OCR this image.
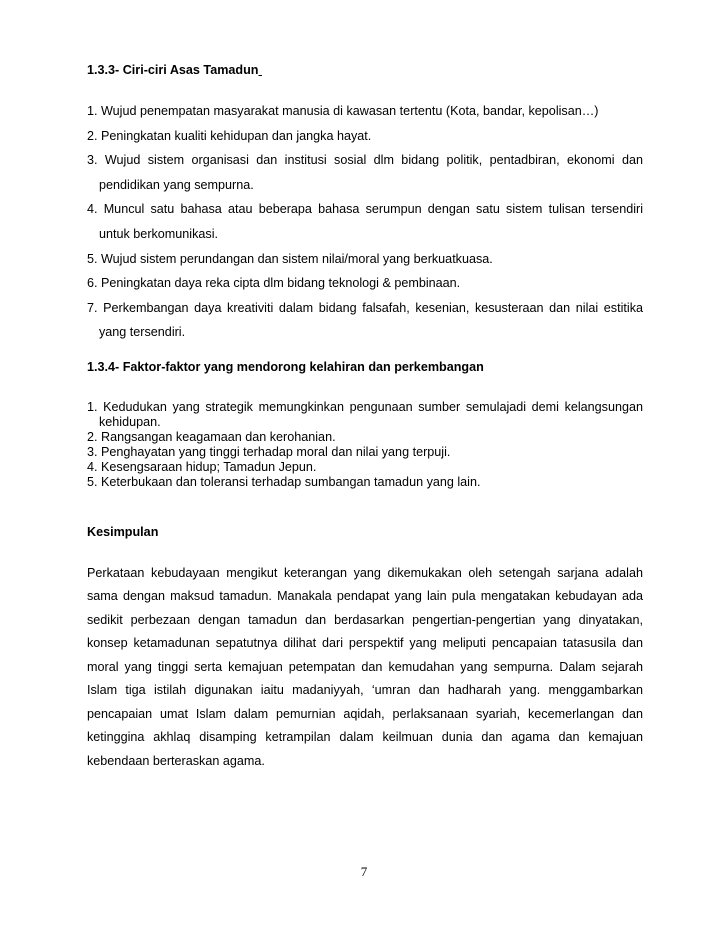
1.3.3- Ciri-ciri Asas Tamadun

1. Wujud penempatan masyarakat manusia di kawasan tertentu (Kota, bandar, kepolisan…)
2. Peningkatan kualiti kehidupan dan jangka hayat.
3. Wujud sistem organisasi dan institusi sosial dlm bidang politik, pentadbiran, ekonomi dan pendidikan yang sempurna.
4. Muncul satu bahasa atau beberapa bahasa serumpun dengan satu sistem tulisan tersendiri untuk berkomunikasi.
5. Wujud sistem perundangan dan sistem nilai/moral yang berkuatkuasa.
6. Peningkatan daya reka cipta dlm bidang teknologi & pembinaan.
7. Perkembangan daya kreativiti dalam bidang falsafah, kesenian, kesusteraan dan nilai estitika yang tersendiri.

1.3.4- Faktor-faktor yang mendorong kelahiran dan perkembangan

1. Kedudukan yang strategik memungkinkan pengunaan sumber semulajadi demi kelangsungan kehidupan.
2. Rangsangan keagamaan dan kerohanian.
3. Penghayatan yang tinggi terhadap moral dan nilai yang terpuji.
4. Kesengsaraan hidup; Tamadun Jepun.
5. Keterbukaan dan toleransi terhadap sumbangan tamadun yang lain.

Kesimpulan

Perkataan kebudayaan mengikut keterangan yang dikemukakan oleh setengah sarjana adalah sama dengan maksud tamadun. Manakala pendapat yang lain pula mengatakan kebudayan ada sedikit perbezaan dengan tamadun dan berdasarkan pengertian-pengertian yang dinyatakan, konsep ketamadunan sepatutnya dilihat dari perspektif yang meliputi pencapaian tatasusila dan moral yang tinggi serta kemajuan petempatan dan kemudahan yang sempurna. Dalam sejarah Islam tiga istilah digunakan iaitu madaniyyah, ‘umran dan hadharah yang. menggambarkan pencapaian umat Islam dalam pemurnian aqidah, perlaksanaan syariah, kecemerlangan dan ketinggina akhlaq disamping ketrampilan dalam keilmuan dunia dan agama dan kemajuan kebendaan berteraskan agama.

7
